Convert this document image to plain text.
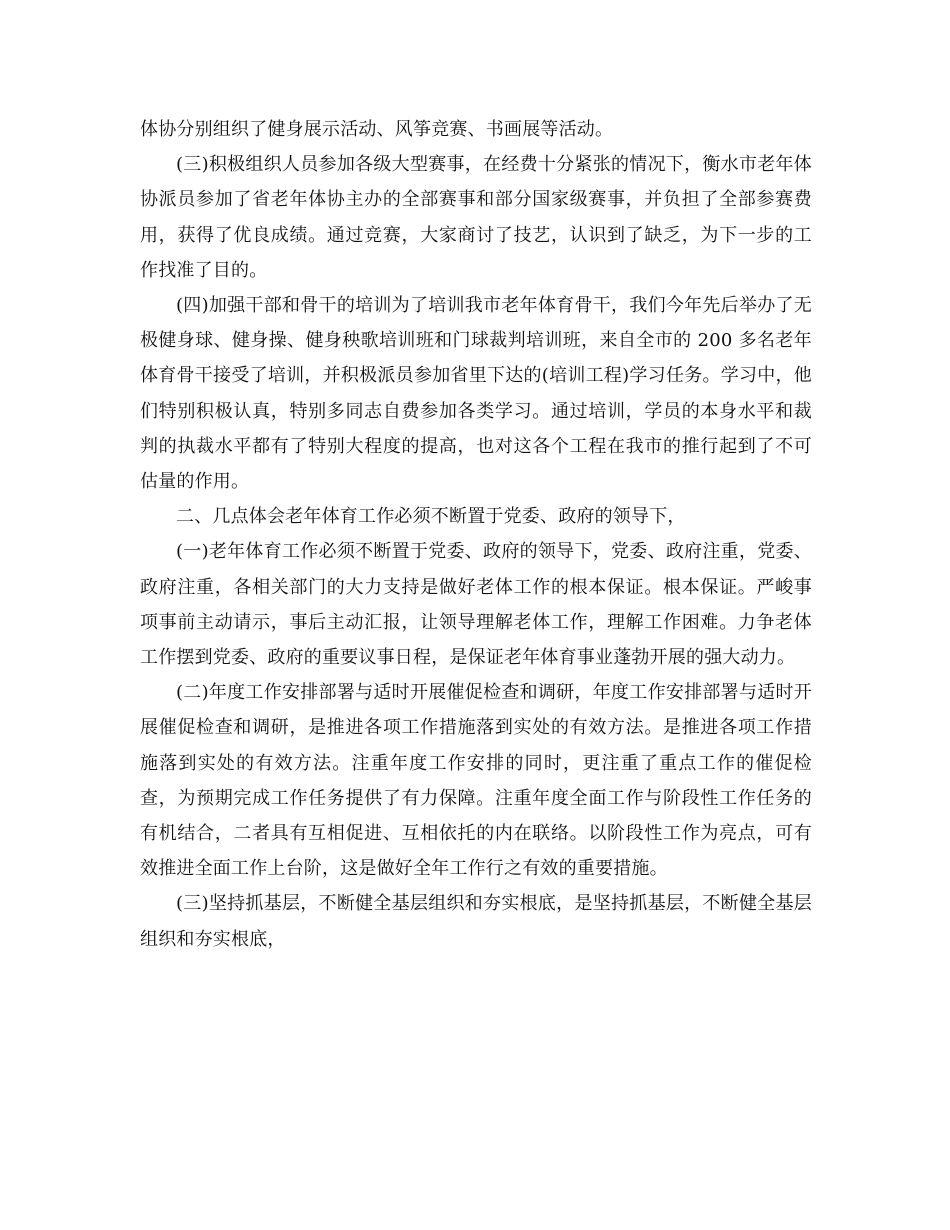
体协分别组织了健身展示活动、风筝竞赛、书画展等活动。

(三)积极组织人员参加各级大型赛事，在经费十分紧张的情况下，衡水市老年体协派员参加了省老年体协主办的全部赛事和部分国家级赛事，并负担了全部参赛费用，获得了优良成绩。通过竞赛，大家商讨了技艺，认识到了缺乏，为下一步的工作找准了目的。

(四)加强干部和骨干的培训为了培训我市老年体育骨干，我们今年先后举办了无极健身球、健身操、健身秧歌培训班和门球裁判培训班，来自全市的 200 多名老年体育骨干接受了培训，并积极派员参加省里下达的(培训工程)学习任务。学习中，他们特别积极认真，特别多同志自费参加各类学习。通过培训，学员的本身水平和裁判的执裁水平都有了特别大程度的提高，也对这各个工程在我市的推行起到了不可估量的作用。

二、几点体会老年体育工作必须不断置于党委、政府的领导下，

(一)老年体育工作必须不断置于党委、政府的领导下，党委、政府注重，党委、政府注重，各相关部门的大力支持是做好老体工作的根本保证。根本保证。严峻事项事前主动请示，事后主动汇报，让领导理解老体工作，理解工作困难。力争老体工作摆到党委、政府的重要议事日程，是保证老年体育事业蓬勃开展的强大动力。

(二)年度工作安排部署与适时开展催促检查和调研，年度工作安排部署与适时开展催促检查和调研，是推进各项工作措施落到实处的有效方法。是推进各项工作措施落到实处的有效方法。注重年度工作安排的同时，更注重了重点工作的催促检查，为预期完成工作任务提供了有力保障。注重年度全面工作与阶段性工作任务的有机结合，二者具有互相促进、互相依托的内在联络。以阶段性工作为亮点，可有效推进全面工作上台阶，这是做好全年工作行之有效的重要措施。

(三)坚持抓基层，不断健全基层组织和夯实根底，是坚持抓基层，不断健全基层组织和夯实根底，
